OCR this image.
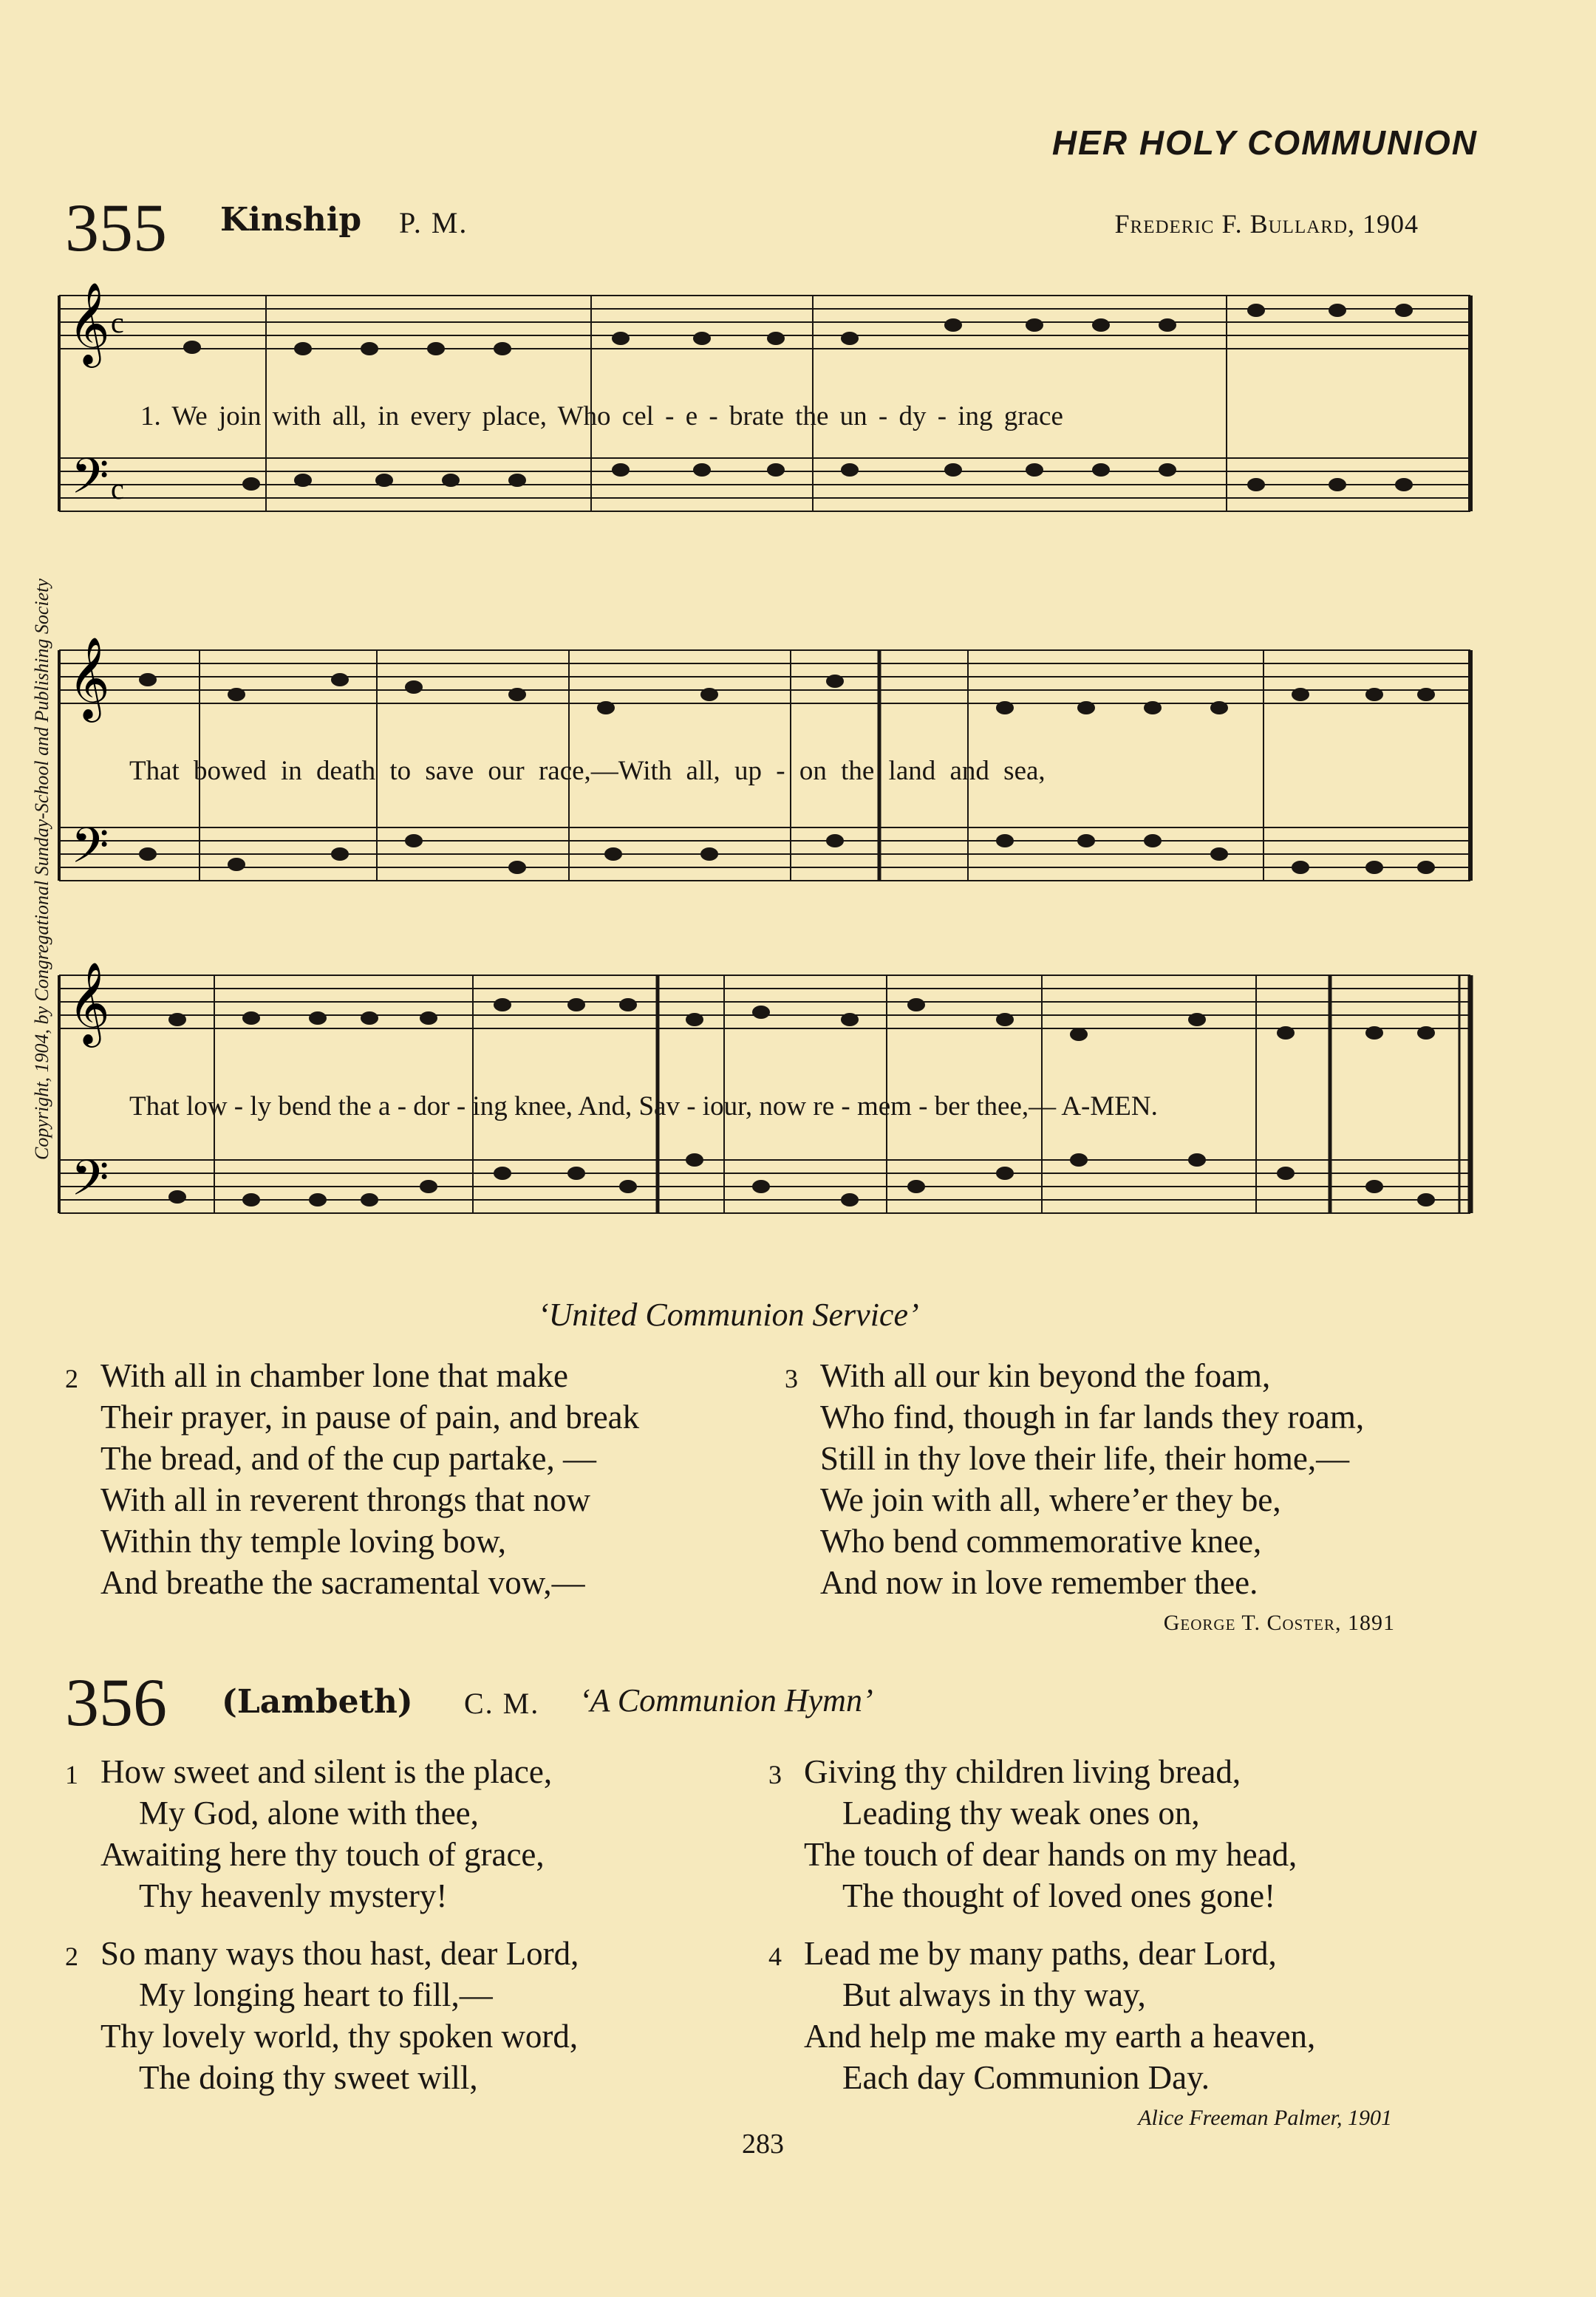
HER HOLY COMMUNION
355 Kinship P. M.	Frederic F. Bullard, 1904
Copyright, 1904, by Congregational Sunday-School and Publishing Society
𝄞
𝄢
c
c
𝄞
𝄢
𝄞
𝄢
1. We join with all, in every place, Who cel - e - brate the un - dy - ing grace
That bowed in death to save our race,—With all, up - on the land and sea,
That low - ly bend the a - dor - ing knee, And, Sav - iour, now re - mem - ber thee,— A-MEN.
‘United Communion Service’
2 With all in chamber lone that make
Their prayer, in pause of pain, and break
The bread, and of the cup partake, —
With all in reverent throngs that now
Within thy temple loving bow,
And breathe the sacramental vow,—
3 With all our kin beyond the foam,
Who find, though in far lands they roam,
Still in thy love their life, their home,—
We join with all, where’er they be,
Who bend commemorative knee,
And now in love remember thee.
George T. Coster, 1891
356 (Lambeth) C. M. ‘A Communion Hymn’
1 How sweet and silent is the place,
My God, alone with thee,
Awaiting here thy touch of grace,
Thy heavenly mystery!
2 So many ways thou hast, dear Lord,
My longing heart to fill,—
Thy lovely world, thy spoken word,
The doing thy sweet will,
3 Giving thy children living bread,
Leading thy weak ones on,
The touch of dear hands on my head,
The thought of loved ones gone!
4 Lead me by many paths, dear Lord,
But always in thy way,
And help me make my earth a heaven,
Each day Communion Day.
Alice Freeman Palmer, 1901
283
